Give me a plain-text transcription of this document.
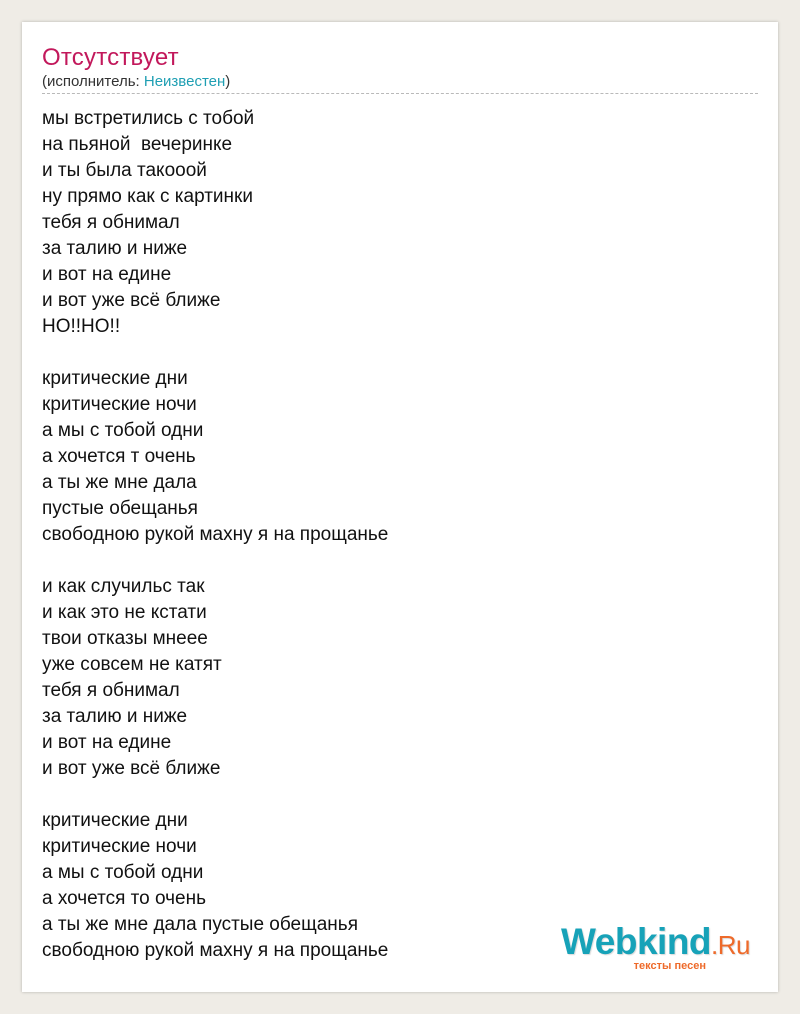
Отсутствует
(исполнитель: Неизвестен)
мы встретились с тобой
на пьяной  вечеринке
и ты была такооой
ну прямо как с картинки
тебя я обнимал
за талию и ниже
и вот на едине
и вот уже всё ближе
НО!!НО!!
критические дни
критические ночи
а мы с тобой одни
а хочется т очень
а ты же мне дала
пустые обещанья
свободною рукой махну я на прощанье
и как случильс так
и как это не кстати
твои отказы мнеее
уже совсем не катят
тебя я обнимал
за талию и ниже
и вот на едине
и вот уже всё ближе
критические дни
критические ночи
а мы с тобой одни
а хочется то очень
а ты же мне дала пустые обещанья
свободною рукой махну я на прощанье	Webkind.Ru
тексты песен
